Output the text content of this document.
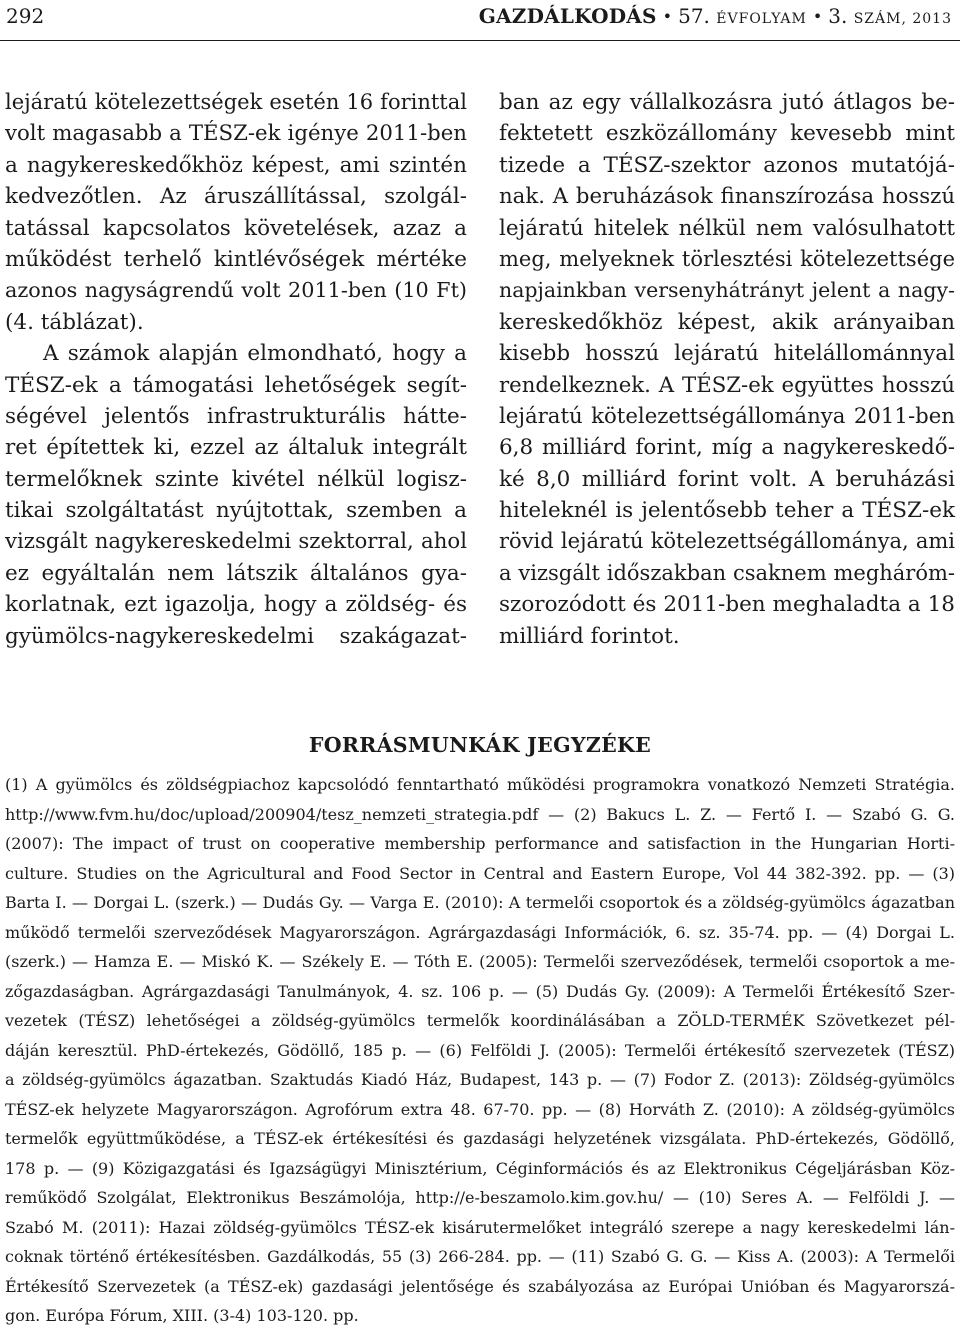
292	GAZDÁLKODÁS • 57. ÉVFOLYAM • 3. SZÁM, 2013
lejáratú kötelezettségek esetén 16 forinttal
volt magasabb a TÉSZ-ek igénye 2011-ben
a nagykereskedőkhöz képest, ami szintén
kedvezőtlen. Az áruszállítással, szolgál-
tatással kapcsolatos követelések, azaz a
működést terhelő kintlévőségek mértéke
azonos nagyságrendű volt 2011-ben (10 Ft)
(4. táblázat).
A számok alapján elmondható, hogy a
TÉSZ-ek a támogatási lehetőségek segít-
ségével jelentős infrastrukturális hátte-
ret építettek ki, ezzel az általuk integrált
termelőknek szinte kivétel nélkül logisz-
tikai szolgáltatást nyújtottak, szemben a
vizsgált nagykereskedelmi szektorral, ahol
ez egyáltalán nem látszik általános gya-
korlatnak, ezt igazolja, hogy a zöldség- és
gyümölcs-nagykereskedelmi szakágazat-
ban az egy vállalkozásra jutó átlagos be-
fektetett eszközállomány kevesebb mint
tizede a TÉSZ-szektor azonos mutatójá-
nak. A beruházások finanszírozása hosszú
lejáratú hitelek nélkül nem valósulhatott
meg, melyeknek törlesztési kötelezettsége
napjainkban versenyhátrányt jelent a nagy-
kereskedőkhöz képest, akik arányaiban
kisebb hosszú lejáratú hitelállománnyal
rendelkeznek. A TÉSZ-ek együttes hosszú
lejáratú kötelezettségállománya 2011-ben
6,8 milliárd forint, míg a nagykereskedő-
ké 8,0 milliárd forint volt. A beruházási
hiteleknél is jelentősebb teher a TÉSZ-ek
rövid lejáratú kötelezettségállománya, ami
a vizsgált időszakban csaknem megháróm-
szorozódott és 2011-ben meghaladta a 18
milliárd forintot.
FORRÁSMUNKÁK JEGYZÉKE
(1) A gyümölcs és zöldségpiachoz kapcsolódó fenntartható működési programokra vonatkozó Nemzeti Stratégia.
http://www.fvm.hu/doc/upload/200904/tesz_nemzeti_strategia.pdf — (2) Bakucs L. Z. — Fertő I. — Szabó G. G.
(2007): The impact of trust on cooperative membership performance and satisfaction in the Hungarian Horti-
culture. Studies on the Agricultural and Food Sector in Central and Eastern Europe, Vol 44 382-392. pp. — (3)
Barta I. — Dorgai L. (szerk.) — Dudás Gy. — Varga E. (2010): A termelői csoportok és a zöldség-gyümölcs ágazatban
működő termelői szerveződések Magyarországon. Agrárgazdasági Információk, 6. sz. 35-74. pp. — (4) Dorgai L.
(szerk.) — Hamza E. — Miskó K. — Székely E. — Tóth E. (2005): Termelői szerveződések, termelői csoportok a me-
zőgazdaságban. Agrárgazdasági Tanulmányok, 4. sz. 106 p. — (5) Dudás Gy. (2009): A Termelői Értékesítő Szer-
vezetek (TÉSZ) lehetőségei a zöldség-gyümölcs termelők koordinálásában a ZÖLD-TERMÉK Szövetkezet pél-
dáján keresztül. PhD-értekezés, Gödöllő, 185 p. — (6) Felföldi J. (2005): Termelői értékesítő szervezetek (TÉSZ)
a zöldség-gyümölcs ágazatban. Szaktudás Kiadó Ház, Budapest, 143 p. — (7) Fodor Z. (2013): Zöldség-gyümölcs
TÉSZ-ek helyzete Magyarországon. Agrofórum extra 48. 67-70. pp. — (8) Horváth Z. (2010): A zöldség-gyümölcs
termelők együttműködése, a TÉSZ-ek értékesítési és gazdasági helyzetének vizsgálata. PhD-értekezés, Gödöllő,
178 p. — (9) Közigazgatási és Igazságügyi Minisztérium, Céginformációs és az Elektronikus Cégeljárásban Köz-
reműködő Szolgálat, Elektronikus Beszámolója, http://e-beszamolo.kim.gov.hu/ — (10) Seres A. — Felföldi J. —
Szabó M. (2011): Hazai zöldség-gyümölcs TÉSZ-ek kisárutermelőket integráló szerepe a nagy kereskedelmi lán-
coknak történő értékesítésben. Gazdálkodás, 55 (3) 266-284. pp. — (11) Szabó G. G. — Kiss A. (2003): A Termelői
Értékesítő Szervezetek (a TÉSZ-ek) gazdasági jelentősége és szabályozása az Európai Unióban és Magyarorszá-
gon. Európa Fórum, XIII. (3-4) 103-120. pp.
